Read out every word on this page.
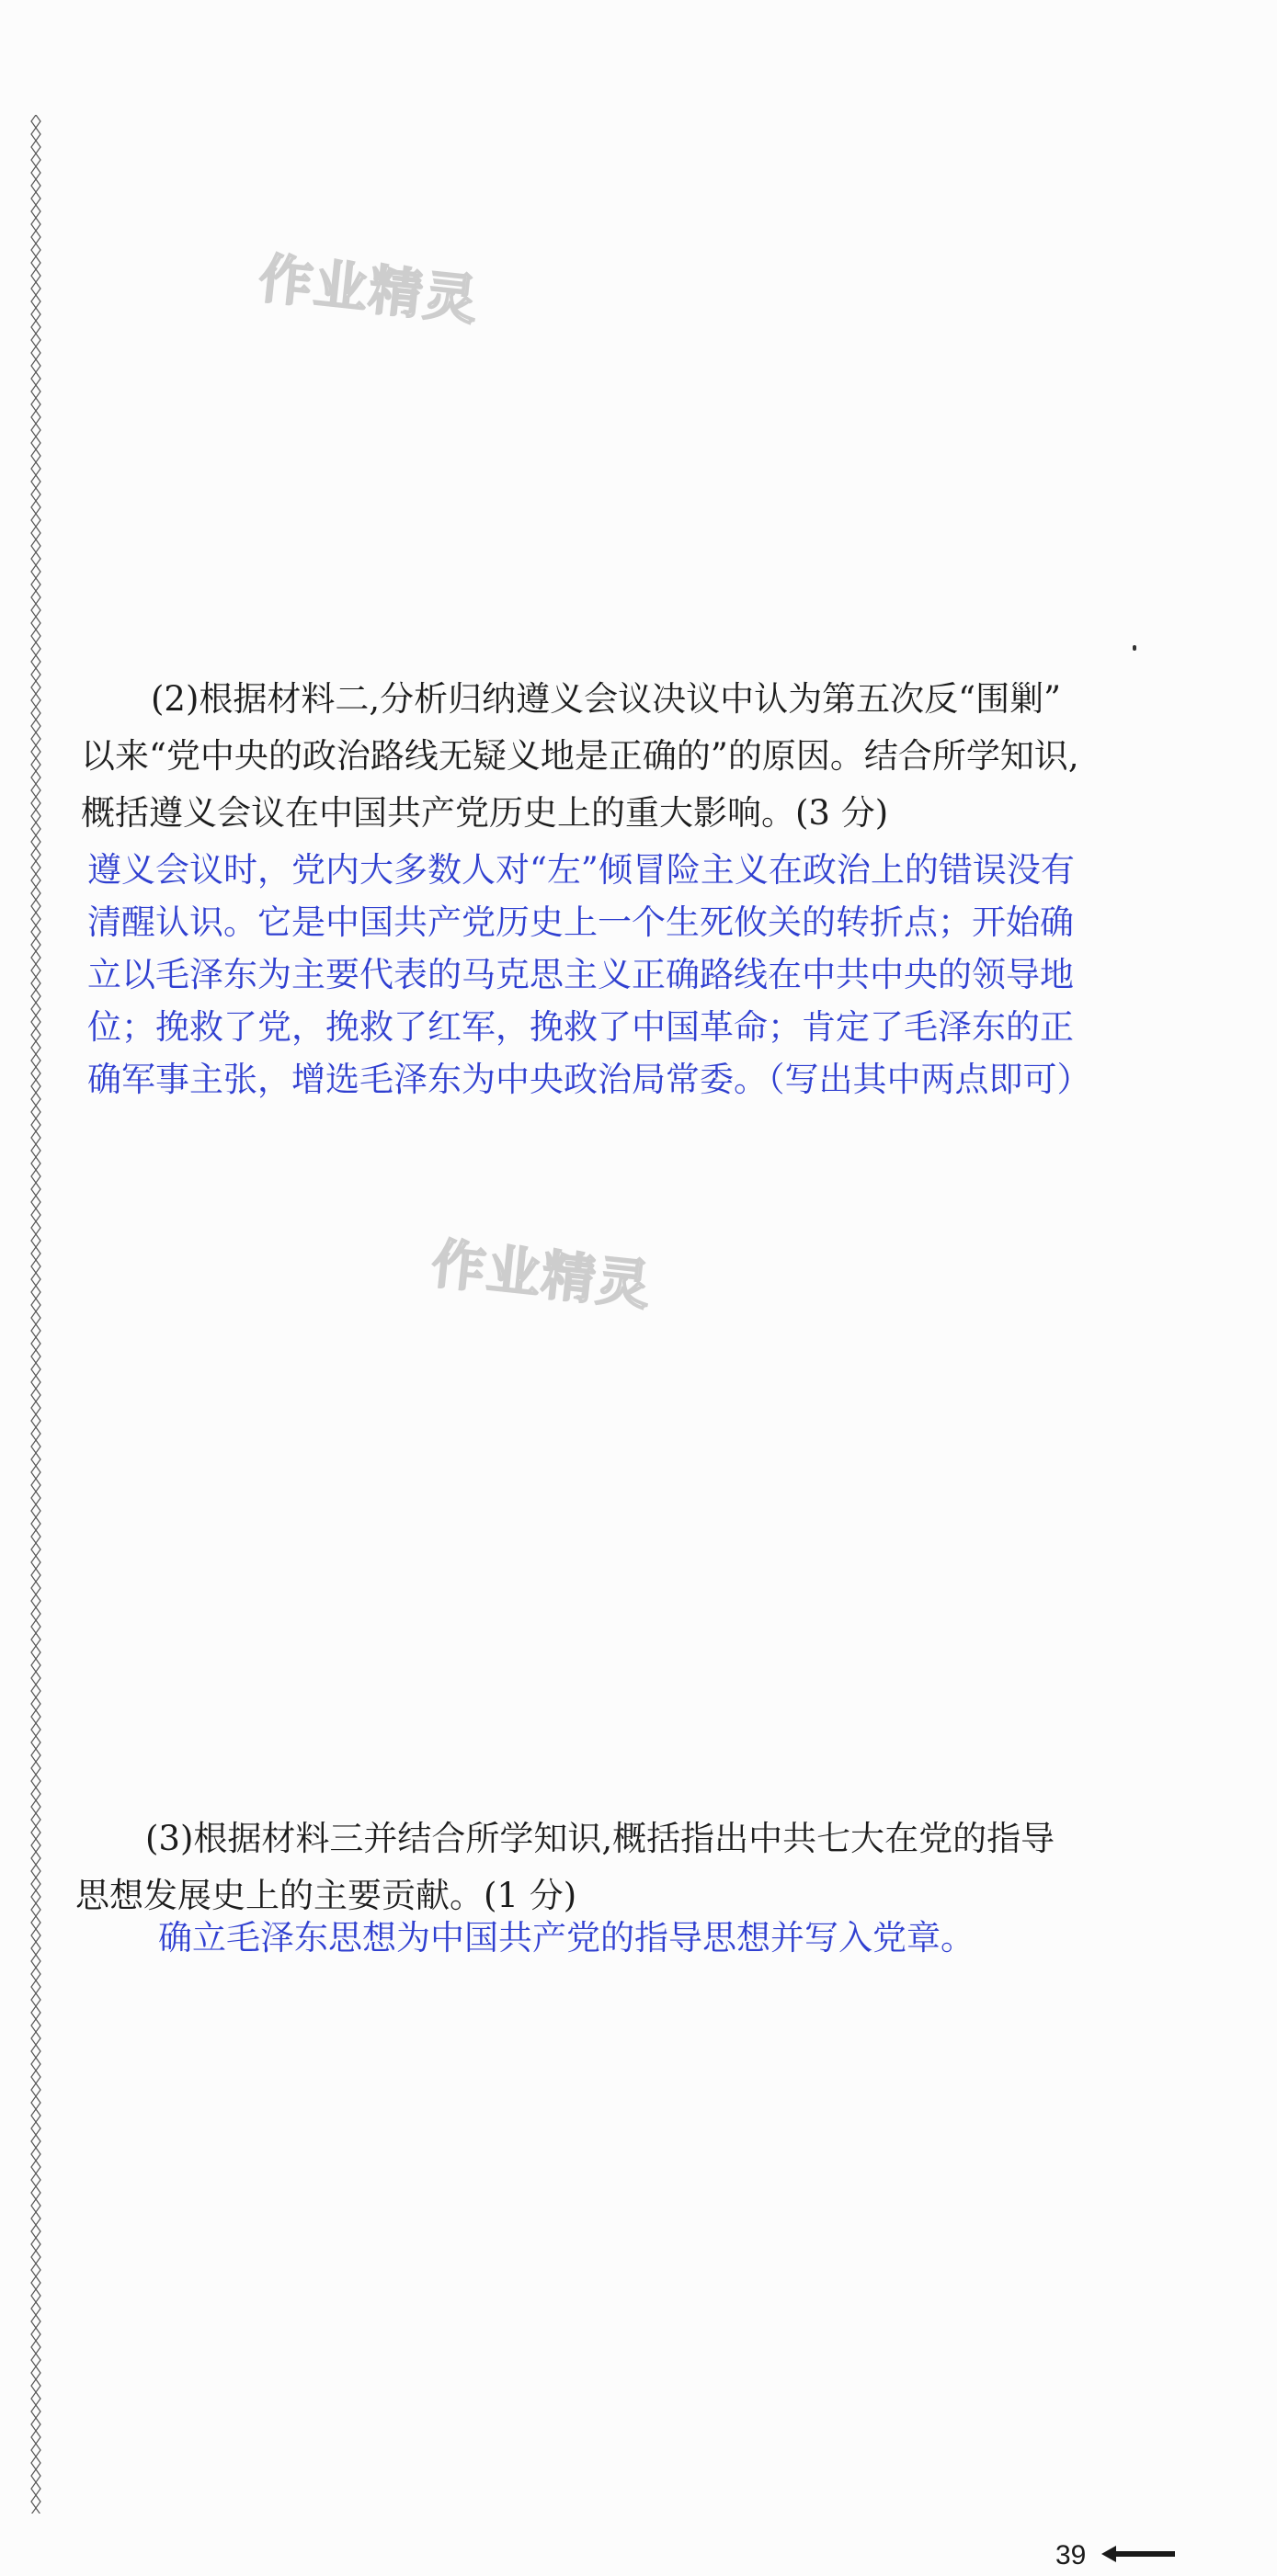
作业精灵
作业精灵
(2)根据材料二,分析归纳遵义会议决议中认为第五次反“围剿”
以来“党中央的政治路线无疑义地是正确的”的原因。结合所学知识,
概括遵义会议在中国共产党历史上的重大影响。(3 分)
遵义会议时，党内大多数人对“左”倾冒险主义在政治上的错误没有
清醒认识。它是中国共产党历史上一个生死攸关的转折点；开始确
立以毛泽东为主要代表的马克思主义正确路线在中共中央的领导地
位；挽救了党，挽救了红军，挽救了中国革命；肯定了毛泽东的正
确军事主张，增选毛泽东为中央政治局常委。（写出其中两点即可）
(3)根据材料三并结合所学知识,概括指出中共七大在党的指导
思想发展史上的主要贡献。(1 分)
确立毛泽东思想为中国共产党的指导思想并写入党章。
39
